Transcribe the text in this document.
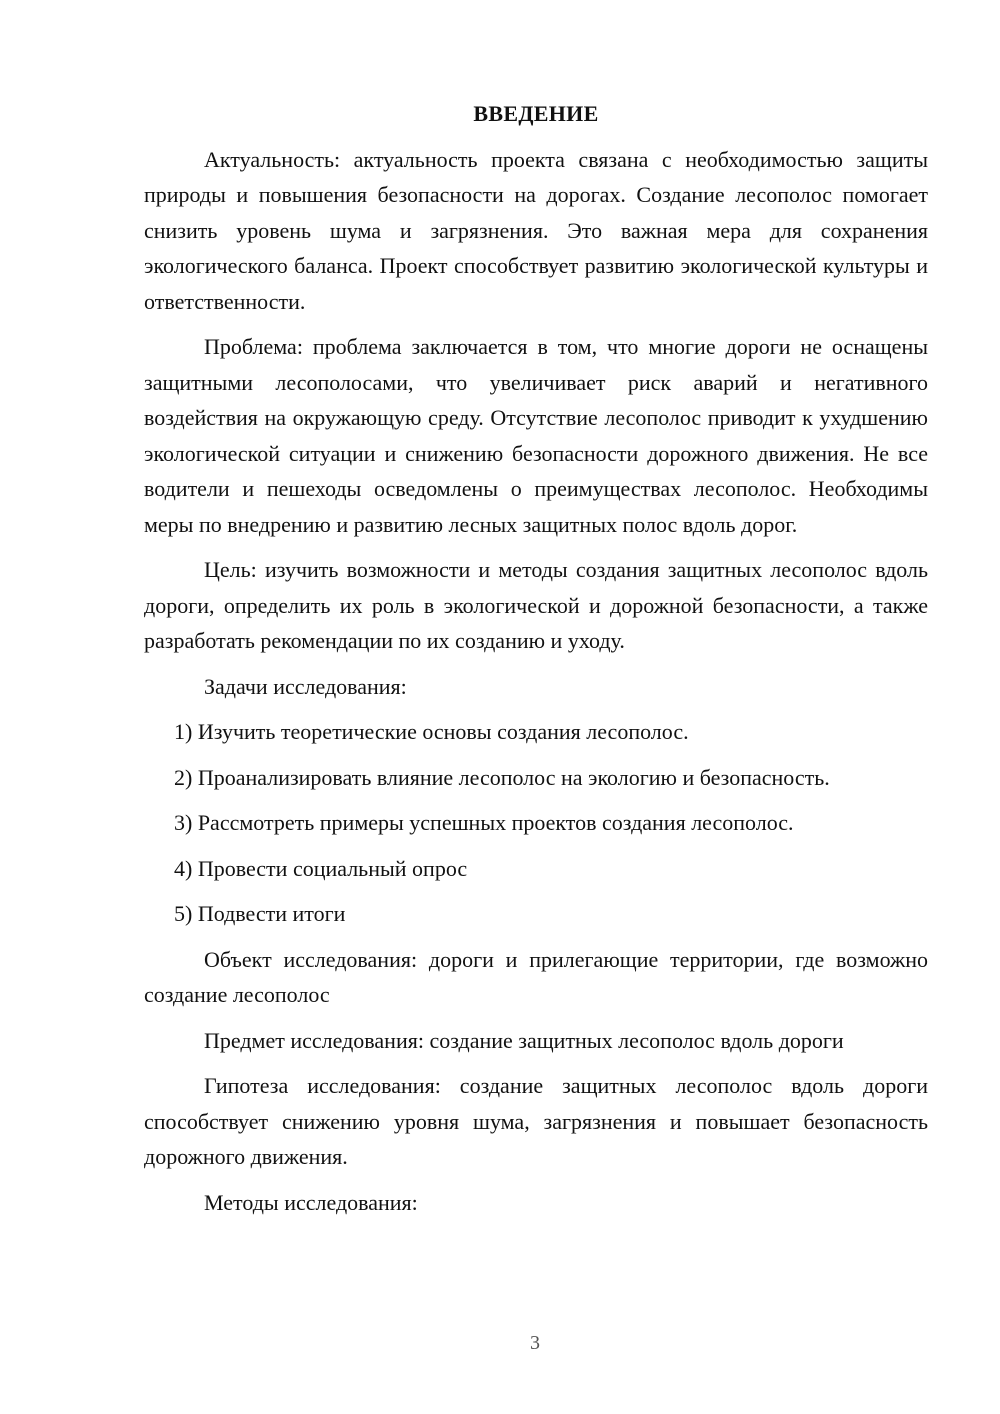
ВВЕДЕНИЕ

Актуальность: актуальность проекта связана с необходимостью защиты природы и повышения безопасности на дорогах. Создание лесополос помогает снизить уровень шума и загрязнения. Это важная мера для сохранения экологического баланса. Проект способствует развитию экологической культуры и ответственности.

Проблема: проблема заключается в том, что многие дороги не оснащены защитными лесополосами, что увеличивает риск аварий и негативного воздействия на окружающую среду. Отсутствие лесополос приводит к ухудшению экологической ситуации и снижению безопасности дорожного движения. Не все водители и пешеходы осведомлены о преимуществах лесополос. Необходимы меры по внедрению и развитию лесных защитных полос вдоль дорог.

Цель: изучить возможности и методы создания защитных лесополос вдоль дороги, определить их роль в экологической и дорожной безопасности, а также разработать рекомендации по их созданию и уходу.

Задачи исследования:

1) Изучить теоретические основы создания лесополос.

2) Проанализировать влияние лесополос на экологию и безопасность.

3) Рассмотреть примеры успешных проектов создания лесополос.

4) Провести социальный опрос

5) Подвести итоги

Объект исследования: дороги и прилегающие территории, где возможно создание лесополос

Предмет исследования: создание защитных лесополос вдоль дороги

Гипотеза исследования: создание защитных лесополос вдоль дороги способствует снижению уровня шума, загрязнения и повышает безопасность дорожного движения.

Методы исследования:

3
